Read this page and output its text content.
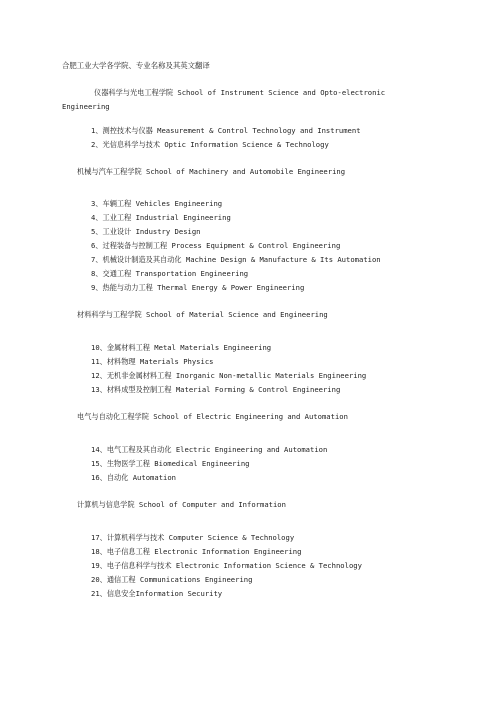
合肥工业大学各学院、专业名称及其英文翻译
仪器科学与光电工程学院 School of Instrument Science and Opto-electronic Engineering
1、测控技术与仪器 Measurement & Control Technology and Instrument
2、光信息科学与技术 Optic Information Science & Technology
机械与汽车工程学院 School of Machinery and Automobile Engineering
3、车辆工程 Vehicles Engineering
4、工业工程 Industrial Engineering
5、工业设计 Industry Design
6、过程装备与控制工程 Process Equipment & Control Engineering
7、机械设计制造及其自动化 Machine Design & Manufacture & Its Automation
8、交通工程 Transportation Engineering
9、热能与动力工程 Thermal Energy & Power Engineering
材料科学与工程学院 School of Material Science and Engineering
10、金属材料工程 Metal Materials Engineering
11、材料物理 Materials Physics
12、无机非金属材料工程 Inorganic Non-metallic Materials Engineering
13、材料成型及控制工程 Material Forming & Control Engineering
电气与自动化工程学院 School of Electric Engineering and Automation
14、电气工程及其自动化 Electric Engineering and Automation
15、生物医学工程 Biomedical Engineering
16、自动化 Automation
计算机与信息学院 School of Computer and Information
17、计算机科学与技术 Computer Science & Technology
18、电子信息工程 Electronic Information Engineering
19、电子信息科学与技术 Electronic Information Science & Technology
20、通信工程 Communications Engineering
21、信息安全Information Security
